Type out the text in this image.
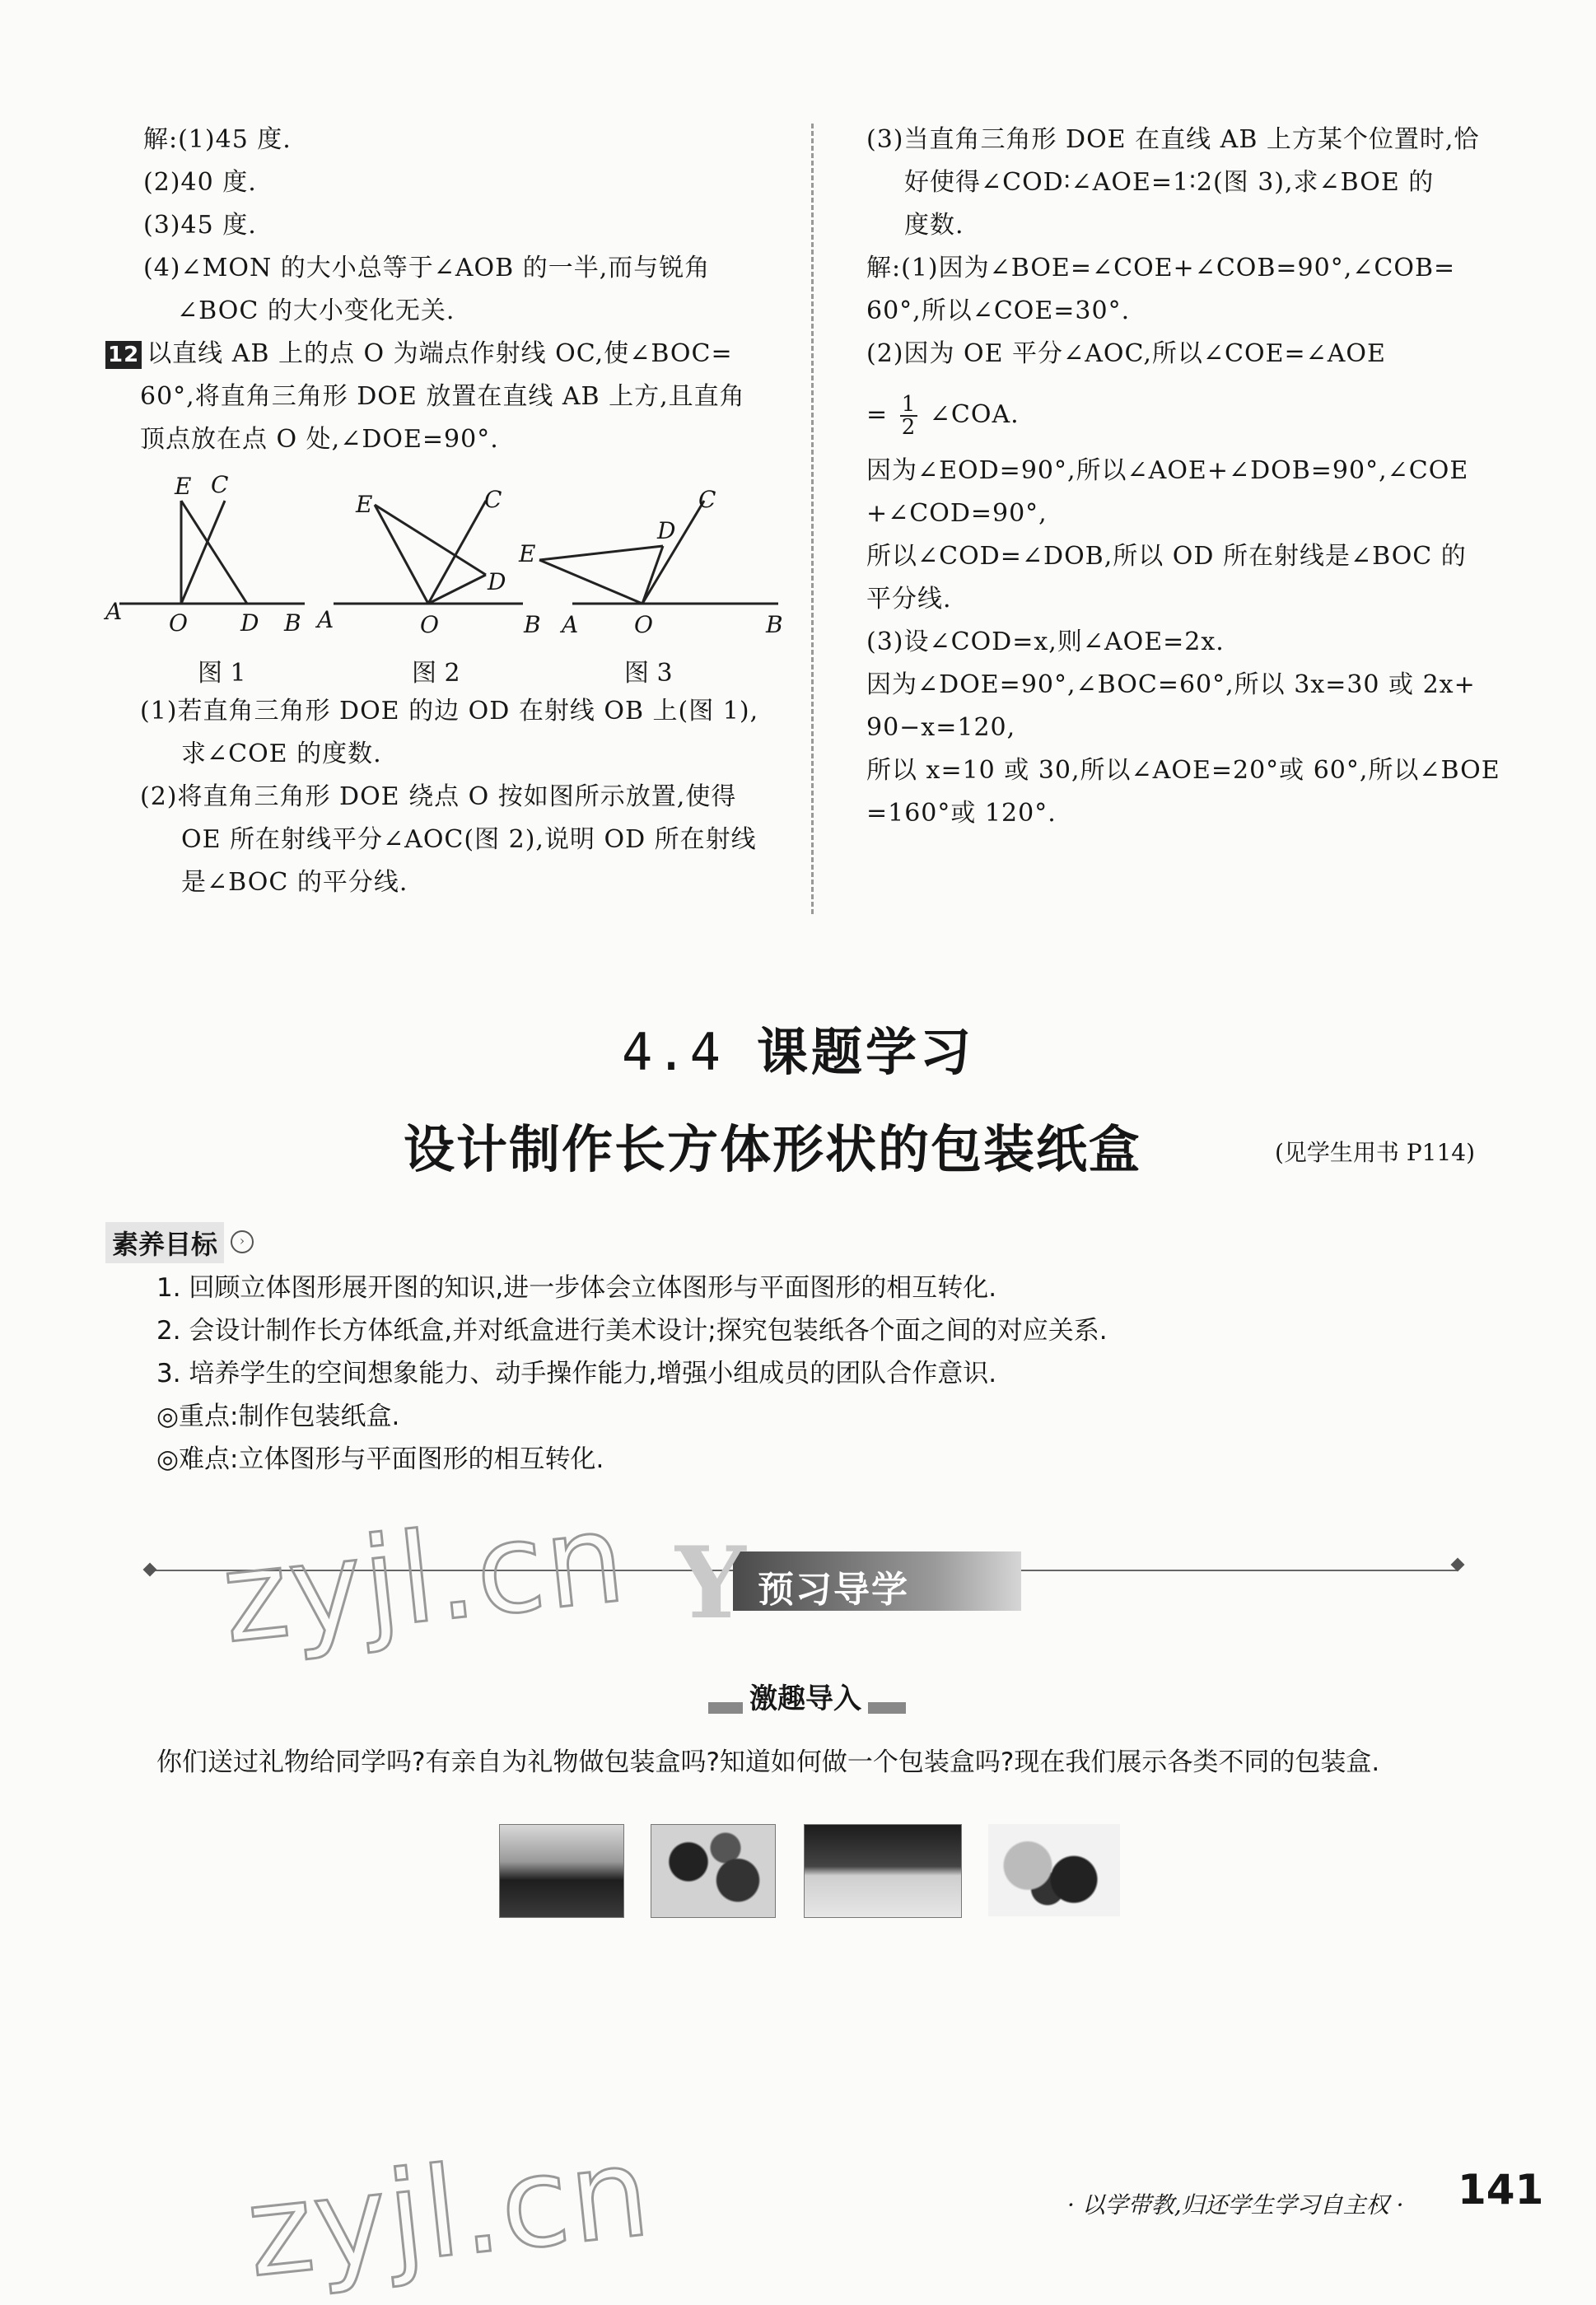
解:(1)45 度.
(2)40 度.
(3)45 度.
(4)∠MON 的大小总等于∠AOB 的一半,而与锐角
∠BOC 的大小变化无关.
12 以直线 AB 上的点 O 为端点作射线 OC,使∠BOC=
60°,将直角三角形 DOE 放置在直线 AB 上方,且直角
顶点放在点 O 处,∠DOE=90°.
E C
A O D B
E	C
D
A	O	B
C
D
E
A O	B
图 1	图 2	图 3
(1)若直角三角形 DOE 的边 OD 在射线 OB 上(图 1),
求∠COE 的度数.
(2)将直角三角形 DOE 绕点 O 按如图所示放置,使得
OE 所在射线平分∠AOC(图 2),说明 OD 所在射线
是∠BOC 的平分线.
(3)当直角三角形 DOE 在直线 AB 上方某个位置时,恰
好使得∠COD∶∠AOE=1∶2(图 3),求∠BOE 的
度数.
解:(1)因为∠BOE=∠COE+∠COB=90°,∠COB=
60°,所以∠COE=30°.
(2)因为 OE 平分∠AOC,所以∠COE=∠AOE
= $\frac{1}{2}$ ∠COA.
因为∠EOD=90°,所以∠AOE+∠DOB=90°,∠COE
+∠COD=90°,
所以∠COD=∠DOB,所以 OD 所在射线是∠BOC 的
平分线.
(3)设∠COD=x,则∠AOE=2x.
因为∠DOE=90°,∠BOC=60°,所以 3x=30 或 2x+
90−x=120,
所以 x=10 或 30,所以∠AOE=20°或 60°,所以∠BOE
=160°或 120°.
4.4 课题学习
设计制作长方体形状的包装纸盒	(见学生用书 P114)
素养目标	›
1. 回顾立体图形展开图的知识,进一步体会立体图形与平面图形的相互转化.
2. 会设计制作长方体纸盒,并对纸盒进行美术设计;探究包装纸各个面之间的对应关系.
3. 培养学生的空间想象能力、动手操作能力,增强小组成员的团队合作意识.
◎重点:制作包装纸盒.
◎难点:立体图形与平面图形的相互转化.
Y 预习导学
激趣导入
你们送过礼物给同学吗?有亲自为礼物做包装盒吗?知道如何做一个包装盒吗?现在我们展示各类不同的包装盒.
zyjl.cn
zyjl.cn	· 以学带教,归还学生学习自主权 · 141
